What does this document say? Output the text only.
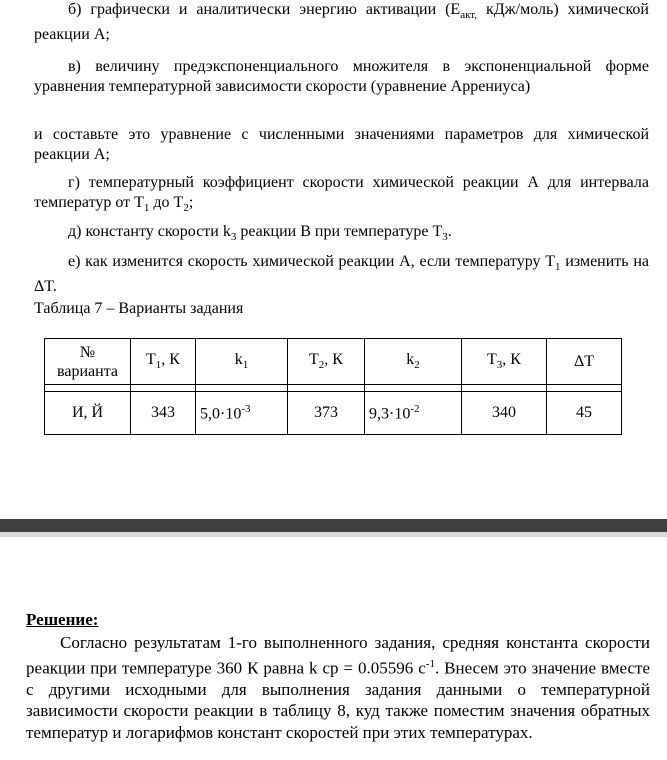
б) графически и аналитически энергию активации ($E_{акт,}$ кДж/моль) химической реакции А;
в) величину предэкспоненциального множителя в экспоненциальной форме уравнения температурной зависимости скорости (уравнение Аррениуса)
и составьте это уравнение с численными значениями параметров для химической реакции А;
г) температурный коэффициент скорости химической реакции А для интервала температур от $T_1$ до $T_2$;
д) константу скорости $k_3$ реакции В при температуре $T_3$.
е) как изменится скорость химической реакции А, если температуру $T_1$ изменить на ΔT.
Таблица 7 – Варианты задания
№
варианта	$T_1$, К	$k_1$	$T_2$, К	$k_2$	$T_3$, К	ΔT

И, Й	343	$5,0\cdot 10^{-3}$	373	$9,3\cdot 10^{-2}$	340	45
Решение:
Согласно результатам 1-го выполненного задания, средняя константа скорости реакции при температуре 360 К равна k ср = 0.05596 $с^{-1}$. Внесем это значение вместе с другими исходными для выполнения задания данными о температурной зависимости скорости реакции в таблицу 8, куд также поместим значения обратных температур и логарифмов констант скоростей при этих температурах.
